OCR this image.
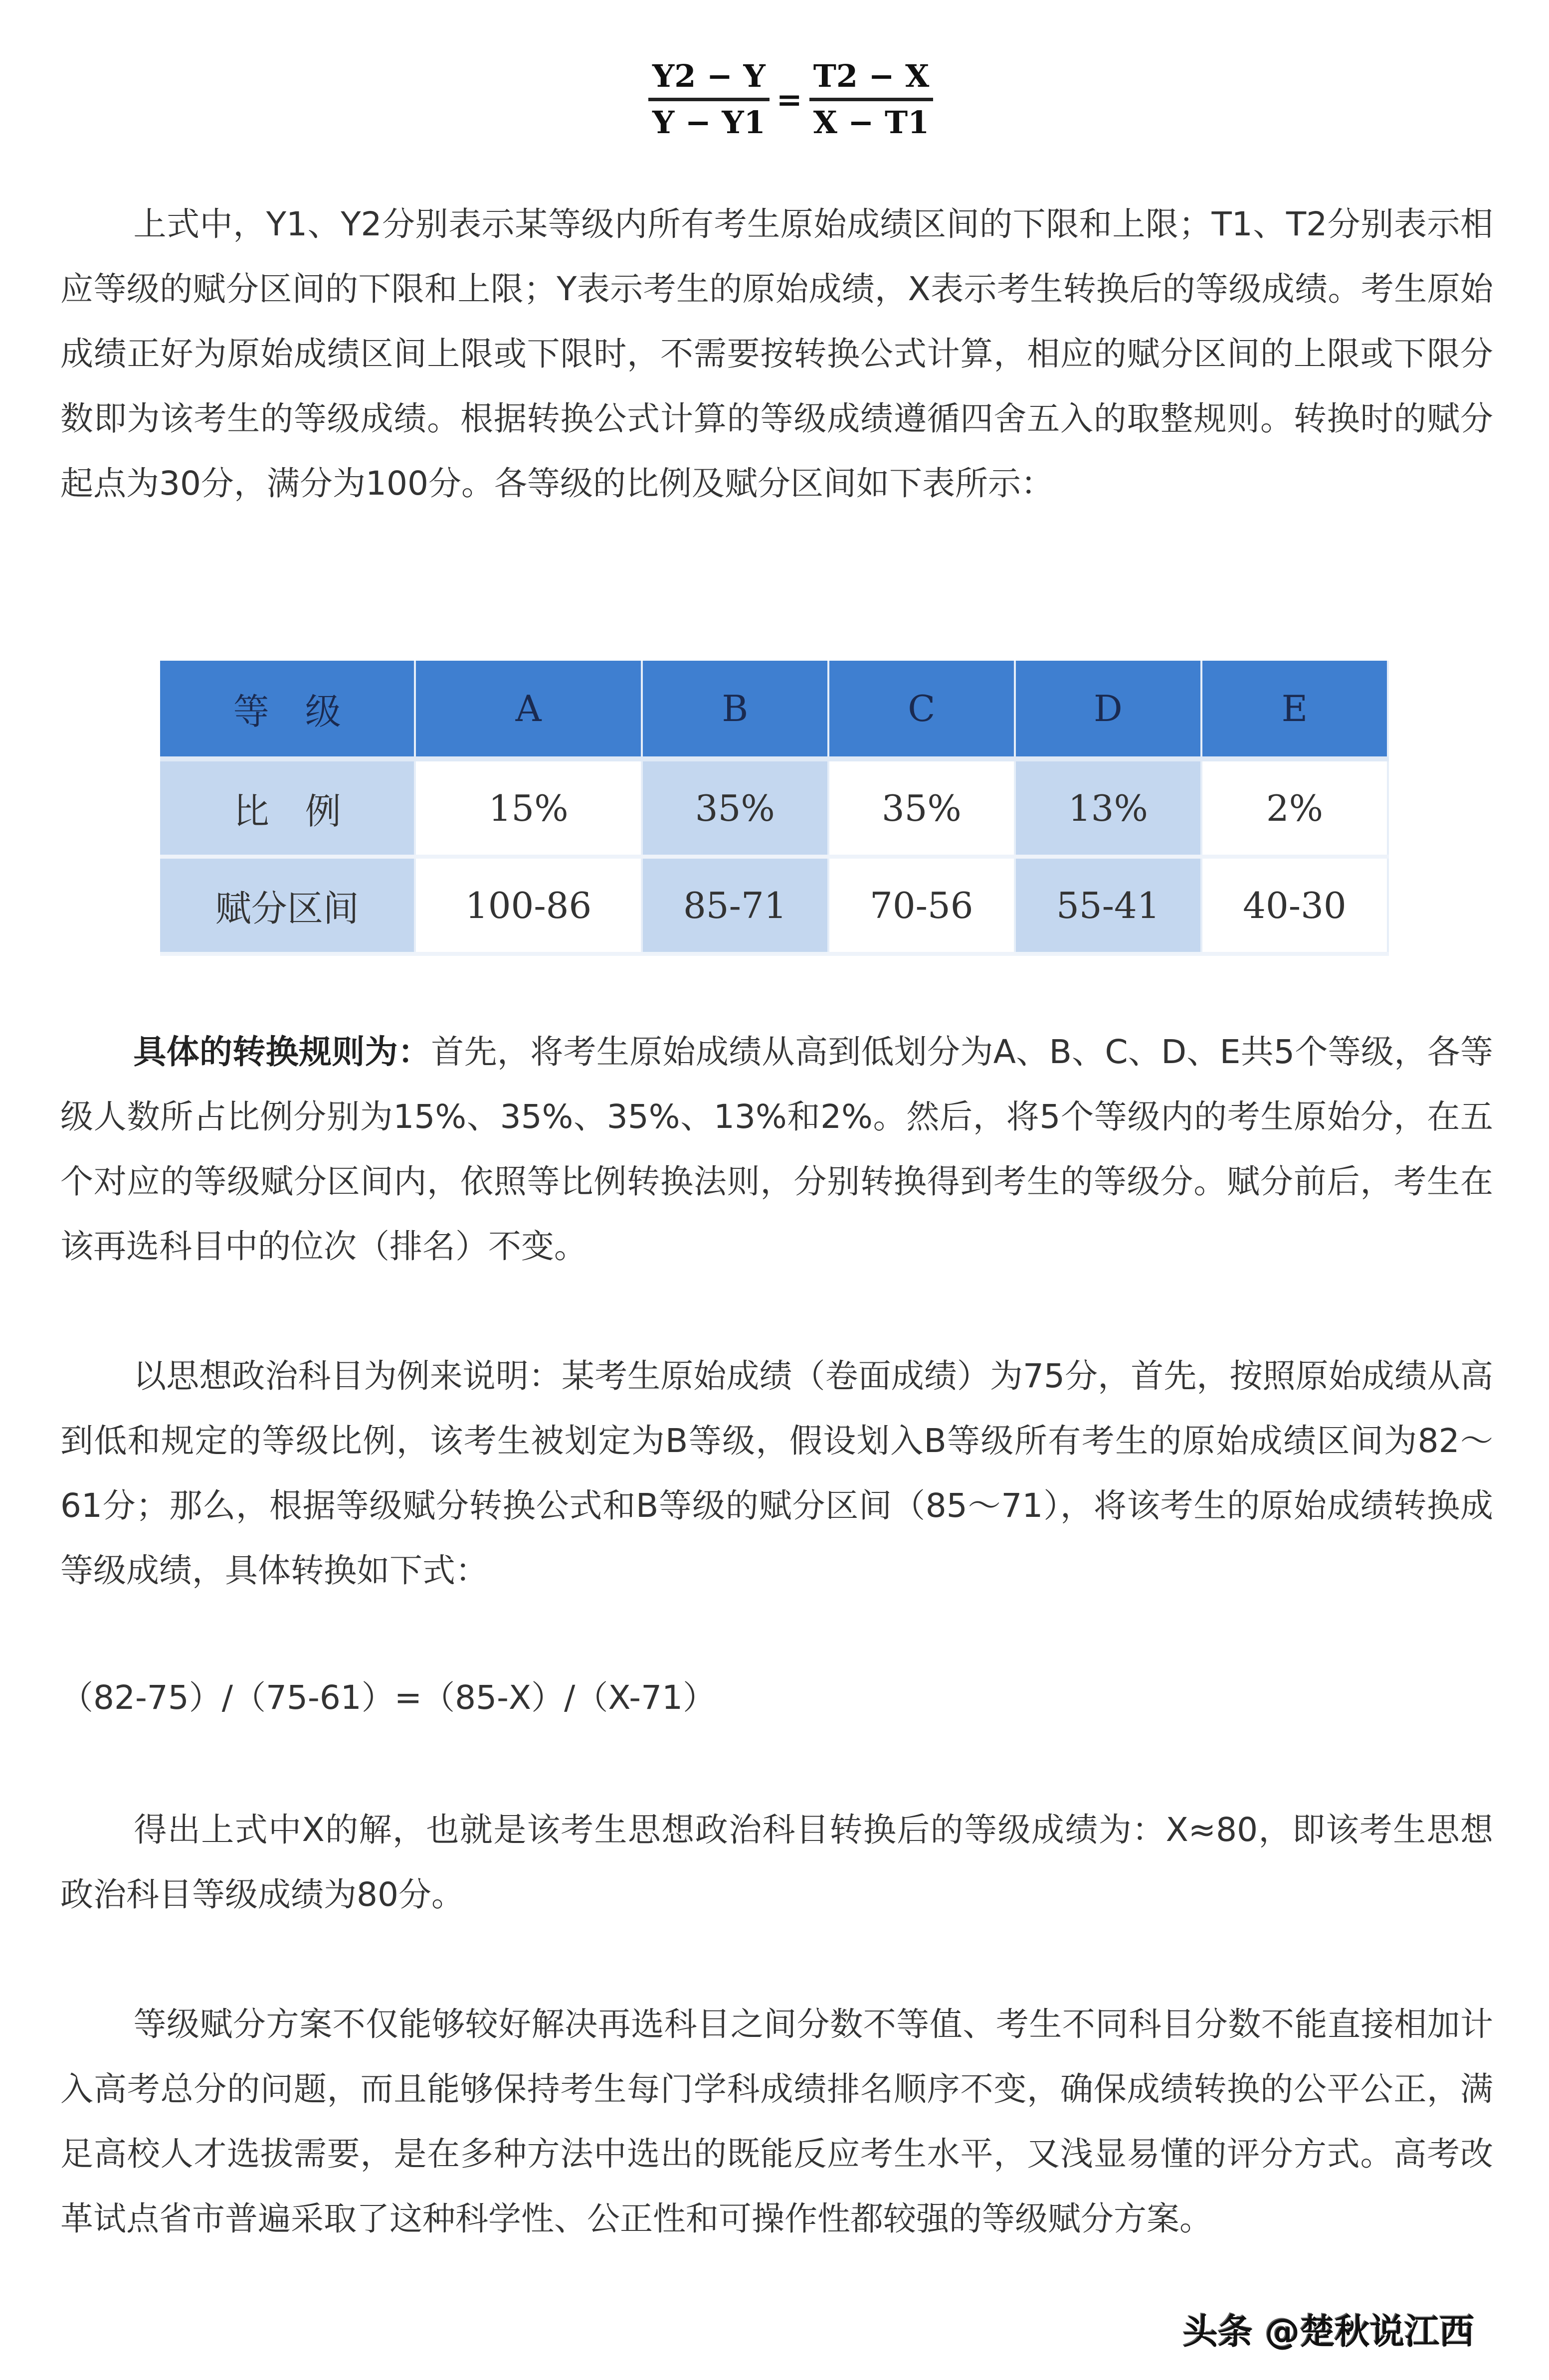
Y2 − Y
Y − Y1
=
T2 − X
X − T1
上式中，Y1、Y2分别表示某等级内所有考生原始成绩区间的下限和上限；T1、T2分别表示相应等级的赋分区间的下限和上限；Y表示考生的原始成绩，X表示考生转换后的等级成绩。考生原始成绩正好为原始成绩区间上限或下限时，不需要按转换公式计算，相应的赋分区间的上限或下限分数即为该考生的等级成绩。根据转换公式计算的等级成绩遵循四舍五入的取整规则。转换时的赋分起点为30分，满分为100分。各等级的比例及赋分区间如下表所示：
等　级	A	B	C	D	E
比　例	15%	35%	35%	13%	2%
赋分区间	100-86	85-71	70-56	55-41	40-30
具体的转换规则为：首先，将考生原始成绩从高到低划分为A、B、C、D、E共5个等级，各等级人数所占比例分别为15%、35%、35%、13%和2%。然后，将5个等级内的考生原始分，在五个对应的等级赋分区间内，依照等比例转换法则，分别转换得到考生的等级分。赋分前后，考生在该再选科目中的位次（排名）不变。
以思想政治科目为例来说明：某考生原始成绩（卷面成绩）为75分，首先，按照原始成绩从高到低和规定的等级比例，该考生被划定为B等级，假设划入B等级所有考生的原始成绩区间为82～61分；那么，根据等级赋分转换公式和B等级的赋分区间（85～71），将该考生的原始成绩转换成等级成绩，具体转换如下式：
（82-75）/（75-61）=（85-X）/（X-71）
得出上式中X的解，也就是该考生思想政治科目转换后的等级成绩为：X≈80，即该考生思想政治科目等级成绩为80分。
等级赋分方案不仅能够较好解决再选科目之间分数不等值、考生不同科目分数不能直接相加计入高考总分的问题，而且能够保持考生每门学科成绩排名顺序不变，确保成绩转换的公平公正，满足高校人才选拔需要，是在多种方法中选出的既能反应考生水平，又浅显易懂的评分方式。高考改革试点省市普遍采取了这种科学性、公正性和可操作性都较强的等级赋分方案。
头条 @楚秋说江西
